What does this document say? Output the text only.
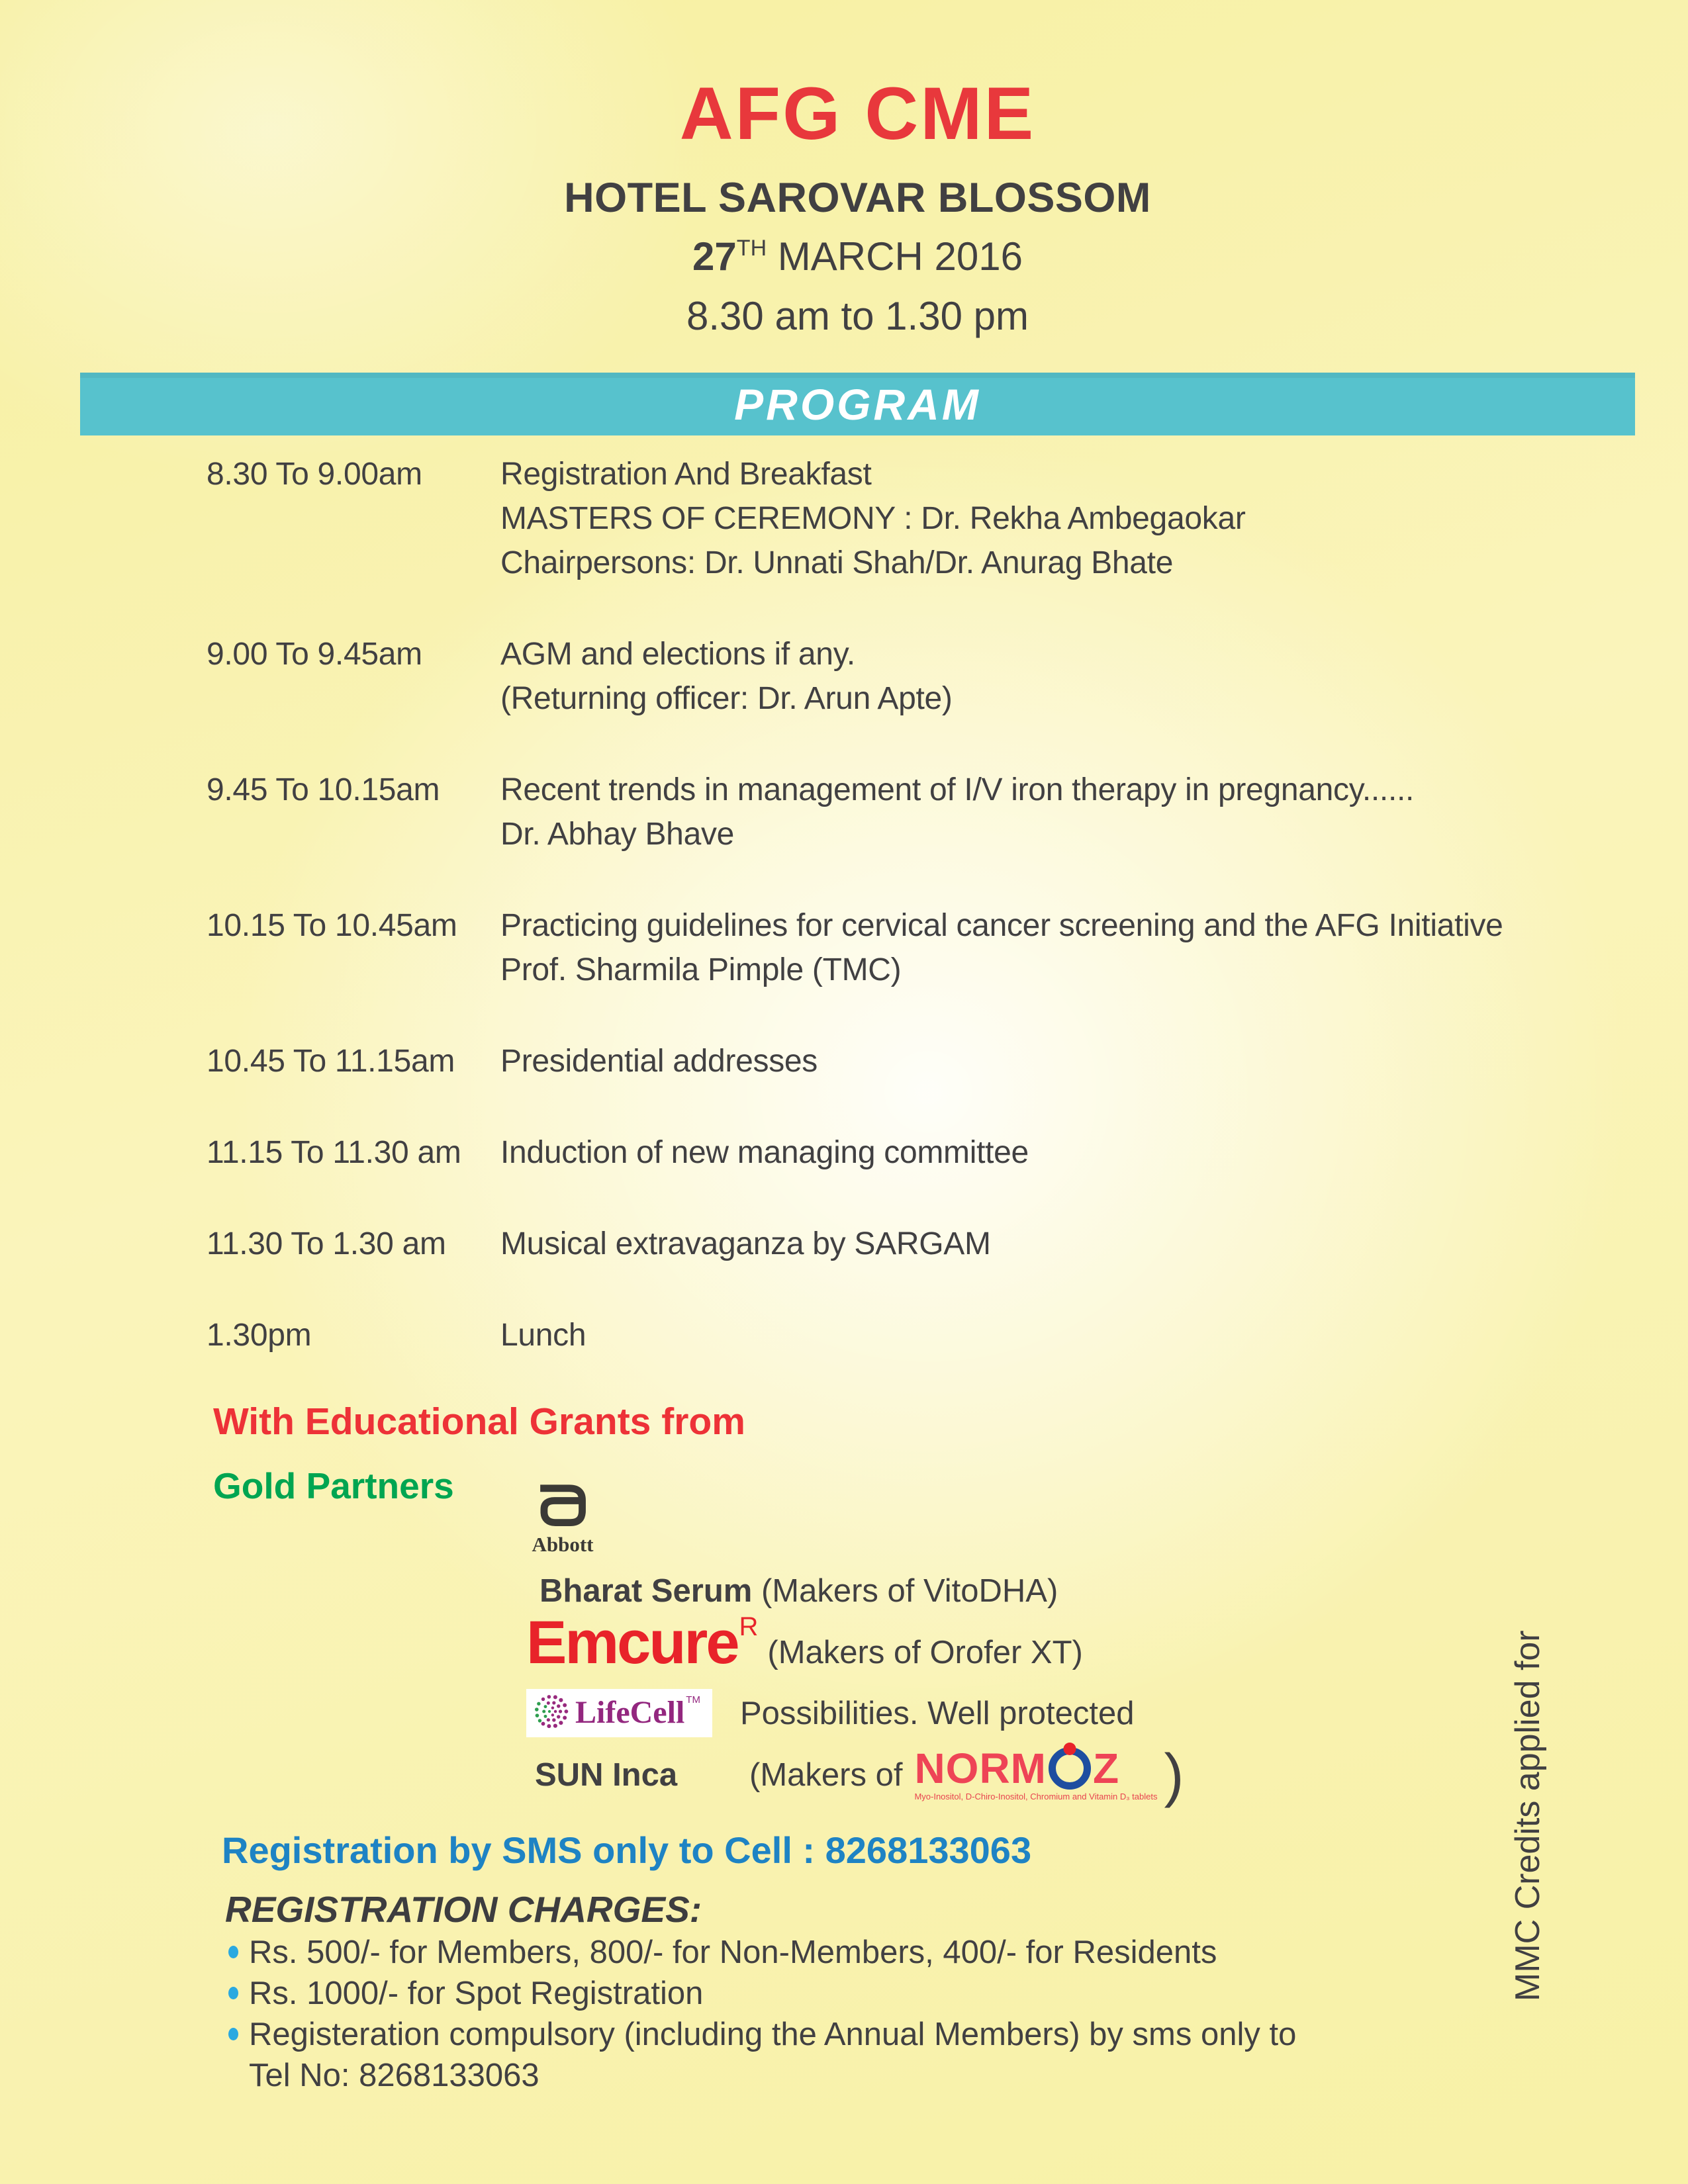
AFG CME
HOTEL SAROVAR BLOSSOM
27TH MARCH 2016
8.30 am to 1.30 pm
PROGRAM
8.30 To 9.00am	Registration And Breakfast
MASTERS OF CEREMONY : Dr. Rekha Ambegaokar
Chairpersons: Dr. Unnati Shah/Dr. Anurag Bhate
9.00 To 9.45am	AGM and elections if any.
(Returning officer: Dr. Arun Apte)
9.45 To 10.15am	Recent trends in management of I/V iron therapy in pregnancy......
Dr. Abhay Bhave
10.15 To 10.45am	Practicing guidelines for cervical cancer screening and the AFG Initiative
Prof. Sharmila Pimple (TMC)
10.45 To 11.15am	Presidential addresses
11.15 To 11.30 am	Induction of new managing committee
11.30 To 1.30 am	Musical extravaganza by SARGAM
1.30pm	Lunch
With Educational Grants from
Gold Partners
Abbott
Bharat Serum (Makers of VitoDHA)
Emcure R
(Makers of Orofer XT)
LifeCell TM Possibilities. Well protected
SUN Inca	(Makers of NORM Z
Myo-Inositol, D-Chiro-Inositol, Chromium and Vitamin D₃ tablets )
Registration by SMS only to Cell : 8268133063
REGISTRATION CHARGES:
Rs. 500/- for Members, 800/- for Non-Members, 400/- for Residents
Rs. 1000/- for Spot Registration
Registeration compulsory (including the Annual Members) by sms only to
Tel No: 8268133063
MMC Credits applied for
